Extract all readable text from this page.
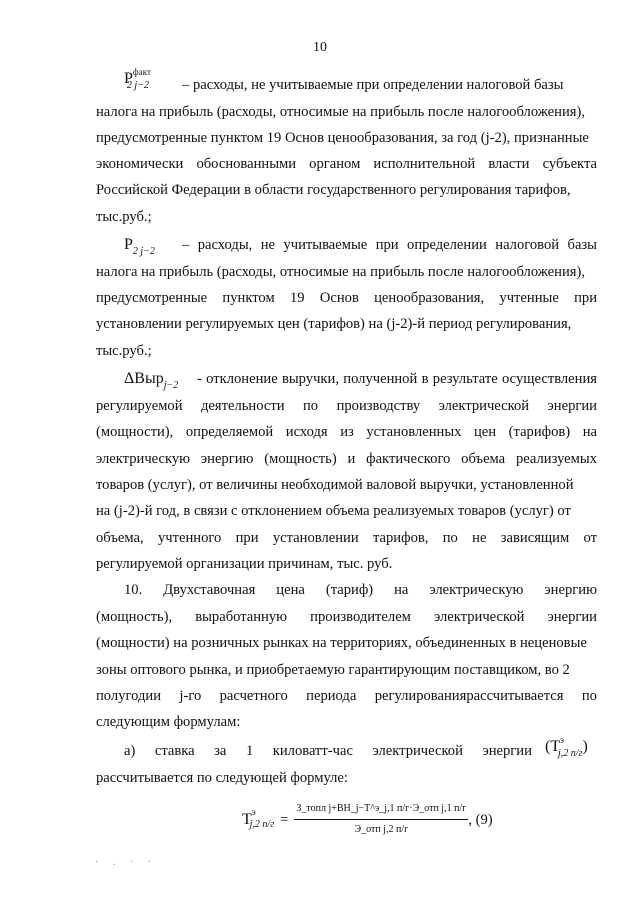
10
$Р^{факт}_{2 j-2}$ – расходы, не учитываемые при определении налоговой базы
налога на прибыль (расходы, относимые на прибыль после налогообложения),
предусмотренные пунктом 19 Основ ценообразования, за год (j-2), признанные
экономически обоснованными органом исполнительной власти субъекта
Российской Федерации в области государственного регулирования тарифов,
тыс.руб.;
$Р_{2 j-2}$ – расходы, не учитываемые при определении налоговой базы
налога на прибыль (расходы, относимые на прибыль после налогообложения),
предусмотренные пунктом 19 Основ ценообразования, учтенные при
установлении регулируемых цен (тарифов) на (j-2)-й период регулирования,
тыс.руб.;
ΔВыр$_{j-2}$ - отклонение выручки, полученной в результате осуществления
регулируемой деятельности по производству электрической энергии
(мощности), определяемой исходя из установленных цен (тарифов) на
электрическую энергию (мощность) и фактического объема реализуемых
товаров (услуг), от величины необходимой валовой выручки, установленной
на (j-2)-й год, в связи с отклонением объема реализуемых товаров (услуг) от
объема, учтенного при установлении тарифов, по не зависящим от
регулируемой организации причинам, тыс. руб.
10. Двухставочная цена (тариф) на электрическую энергию
(мощность), выработанную производителем электрической энергии
(мощности) на розничных рынках на территориях, объединенных в неценовые
зоны оптового рынка, и приобретаемую гарантирующим поставщиком, во 2
полугодии j-го расчетного периода регулированиярассчитывается по
следующим формулам:
а) ставка за 1 киловатт-час электрической энергии $(Т^э_{j,2 п/г})$
рассчитывается по следующей формуле:
Т э
j,2 $п/г = \frac{\text{З\_топл j+ВН\_j−Т\textasciicircum{}э\_j,1 п/г·Э\_отп j,1 п/г}}{\text{Э\_отп j,2 п/г}}$ , (9)
· . · ·
